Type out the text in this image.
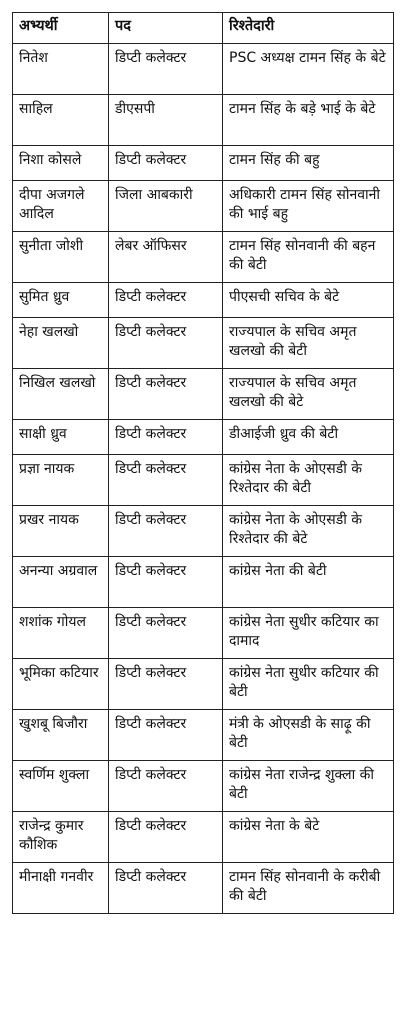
अभ्यर्थी	पद	रिश्तेदारी
नितेश	डिप्टी कलेक्टर	PSC अध्यक्ष टामन सिंह के बेटे
साहिल	डीएसपी	टामन सिंह के बड़े भाई के बेटे
निशा कोसले	डिप्टी कलेक्टर	टामन सिंह की बहु
दीपा अजगले आदिल	जिला आबकारी	अधिकारी टामन सिंह सोनवानी की भाई बहु
सुनीता जोशी	लेबर ऑफिसर	टामन सिंह सोनवानी की बहन की बेटी
सुमित ध्रुव	डिप्टी कलेक्टर	पीएसची सचिव के बेटे
नेहा खलखो	डिप्टी कलेक्टर	राज्यपाल के सचिव अमृत खलखो की बेटी
निखिल खलखो	डिप्टी कलेक्टर	राज्यपाल के सचिव अमृत खलखो की बेटे
साक्षी ध्रुव	डिप्टी कलेक्टर	डीआईजी ध्रुव की बेटी
प्रज्ञा नायक	डिप्टी कलेक्टर	कांग्रेस नेता के ओएसडी के रिश्तेदार की बेटी
प्रखर नायक	डिप्टी कलेक्टर	कांग्रेस नेता के ओएसडी के रिश्तेदार की बेटे
अनन्या अग्रवाल	डिप्टी कलेक्टर	कांग्रेस नेता की बेटी
शशांक गोयल	डिप्टी कलेक्टर	कांग्रेस नेता सुधीर कटियार का दामाद
भूमिका कटियार	डिप्टी कलेक्टर	कांग्रेस नेता सुधीर कटियार की बेटी
खुशबू बिजौरा	डिप्टी कलेक्टर	मंत्री के ओएसडी के साढ़ू की बेटी
स्वर्णिम शुक्ला	डिप्टी कलेक्टर	कांग्रेस नेता राजेन्द्र शुक्ला की बेटी
राजेन्द्र कुमार कौशिक	डिप्टी कलेक्टर	कांग्रेस नेता के बेटे
मीनाक्षी गनवीर	डिप्टी कलेक्टर	टामन सिंह सोनवानी के करीबी की बेटी
